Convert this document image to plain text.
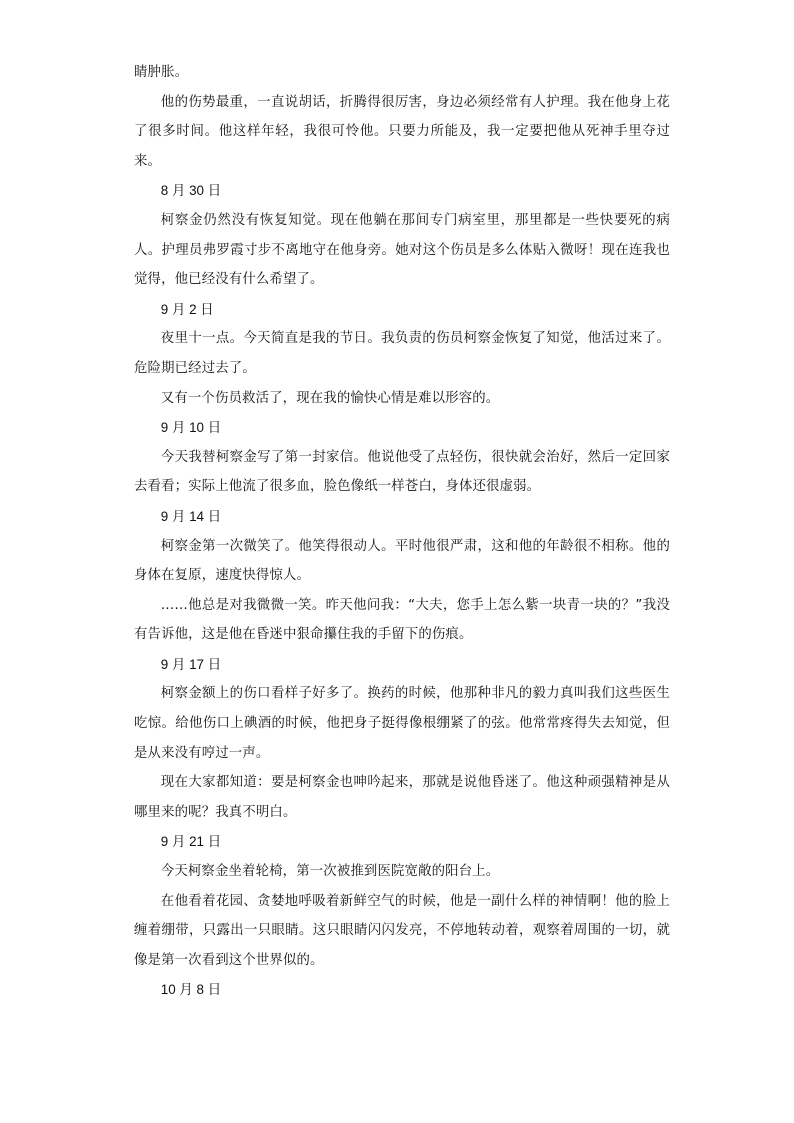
睛肿胀。

他的伤势最重，一直说胡话，折腾得很厉害，身边必须经常有人护理。我在他身上花了很多时间。他这样年轻，我很可怜他。只要力所能及，我一定要把他从死神手里夺过来。

8 月 30 日

柯察金仍然没有恢复知觉。现在他躺在那间专门病室里，那里都是一些快要死的病人。护理员弗罗霞寸步不离地守在他身旁。她对这个伤员是多么体贴入微呀！现在连我也觉得，他已经没有什么希望了。

9 月 2 日

夜里十一点。今天简直是我的节日。我负责的伤员柯察金恢复了知觉，他活过来了。危险期已经过去了。

又有一个伤员救活了，现在我的愉快心情是难以形容的。

9 月 10 日

今天我替柯察金写了第一封家信。他说他受了点轻伤，很快就会治好，然后一定回家去看看；实际上他流了很多血，脸色像纸一样苍白，身体还很虚弱。

9 月 14 日

柯察金第一次微笑了。他笑得很动人。平时他很严肃，这和他的年龄很不相称。他的身体在复原，速度快得惊人。

……他总是对我微微一笑。昨天他问我：“大夫，您手上怎么紫一块青一块的？”我没有告诉他，这是他在昏迷中狠命攥住我的手留下的伤痕。

9 月 17 日

柯察金额上的伤口看样子好多了。换药的时候，他那种非凡的毅力真叫我们这些医生吃惊。给他伤口上碘酒的时候，他把身子挺得像根绷紧了的弦。他常常疼得失去知觉，但是从来没有哼过一声。

现在大家都知道：要是柯察金也呻吟起来，那就是说他昏迷了。他这种顽强精神是从哪里来的呢？我真不明白。

9 月 21 日

今天柯察金坐着轮椅，第一次被推到医院宽敞的阳台上。

在他看着花园、贪婪地呼吸着新鲜空气的时候，他是一副什么样的神情啊！他的脸上缠着绷带，只露出一只眼睛。这只眼睛闪闪发亮，不停地转动着，观察着周围的一切，就像是第一次看到这个世界似的。

10 月 8 日
